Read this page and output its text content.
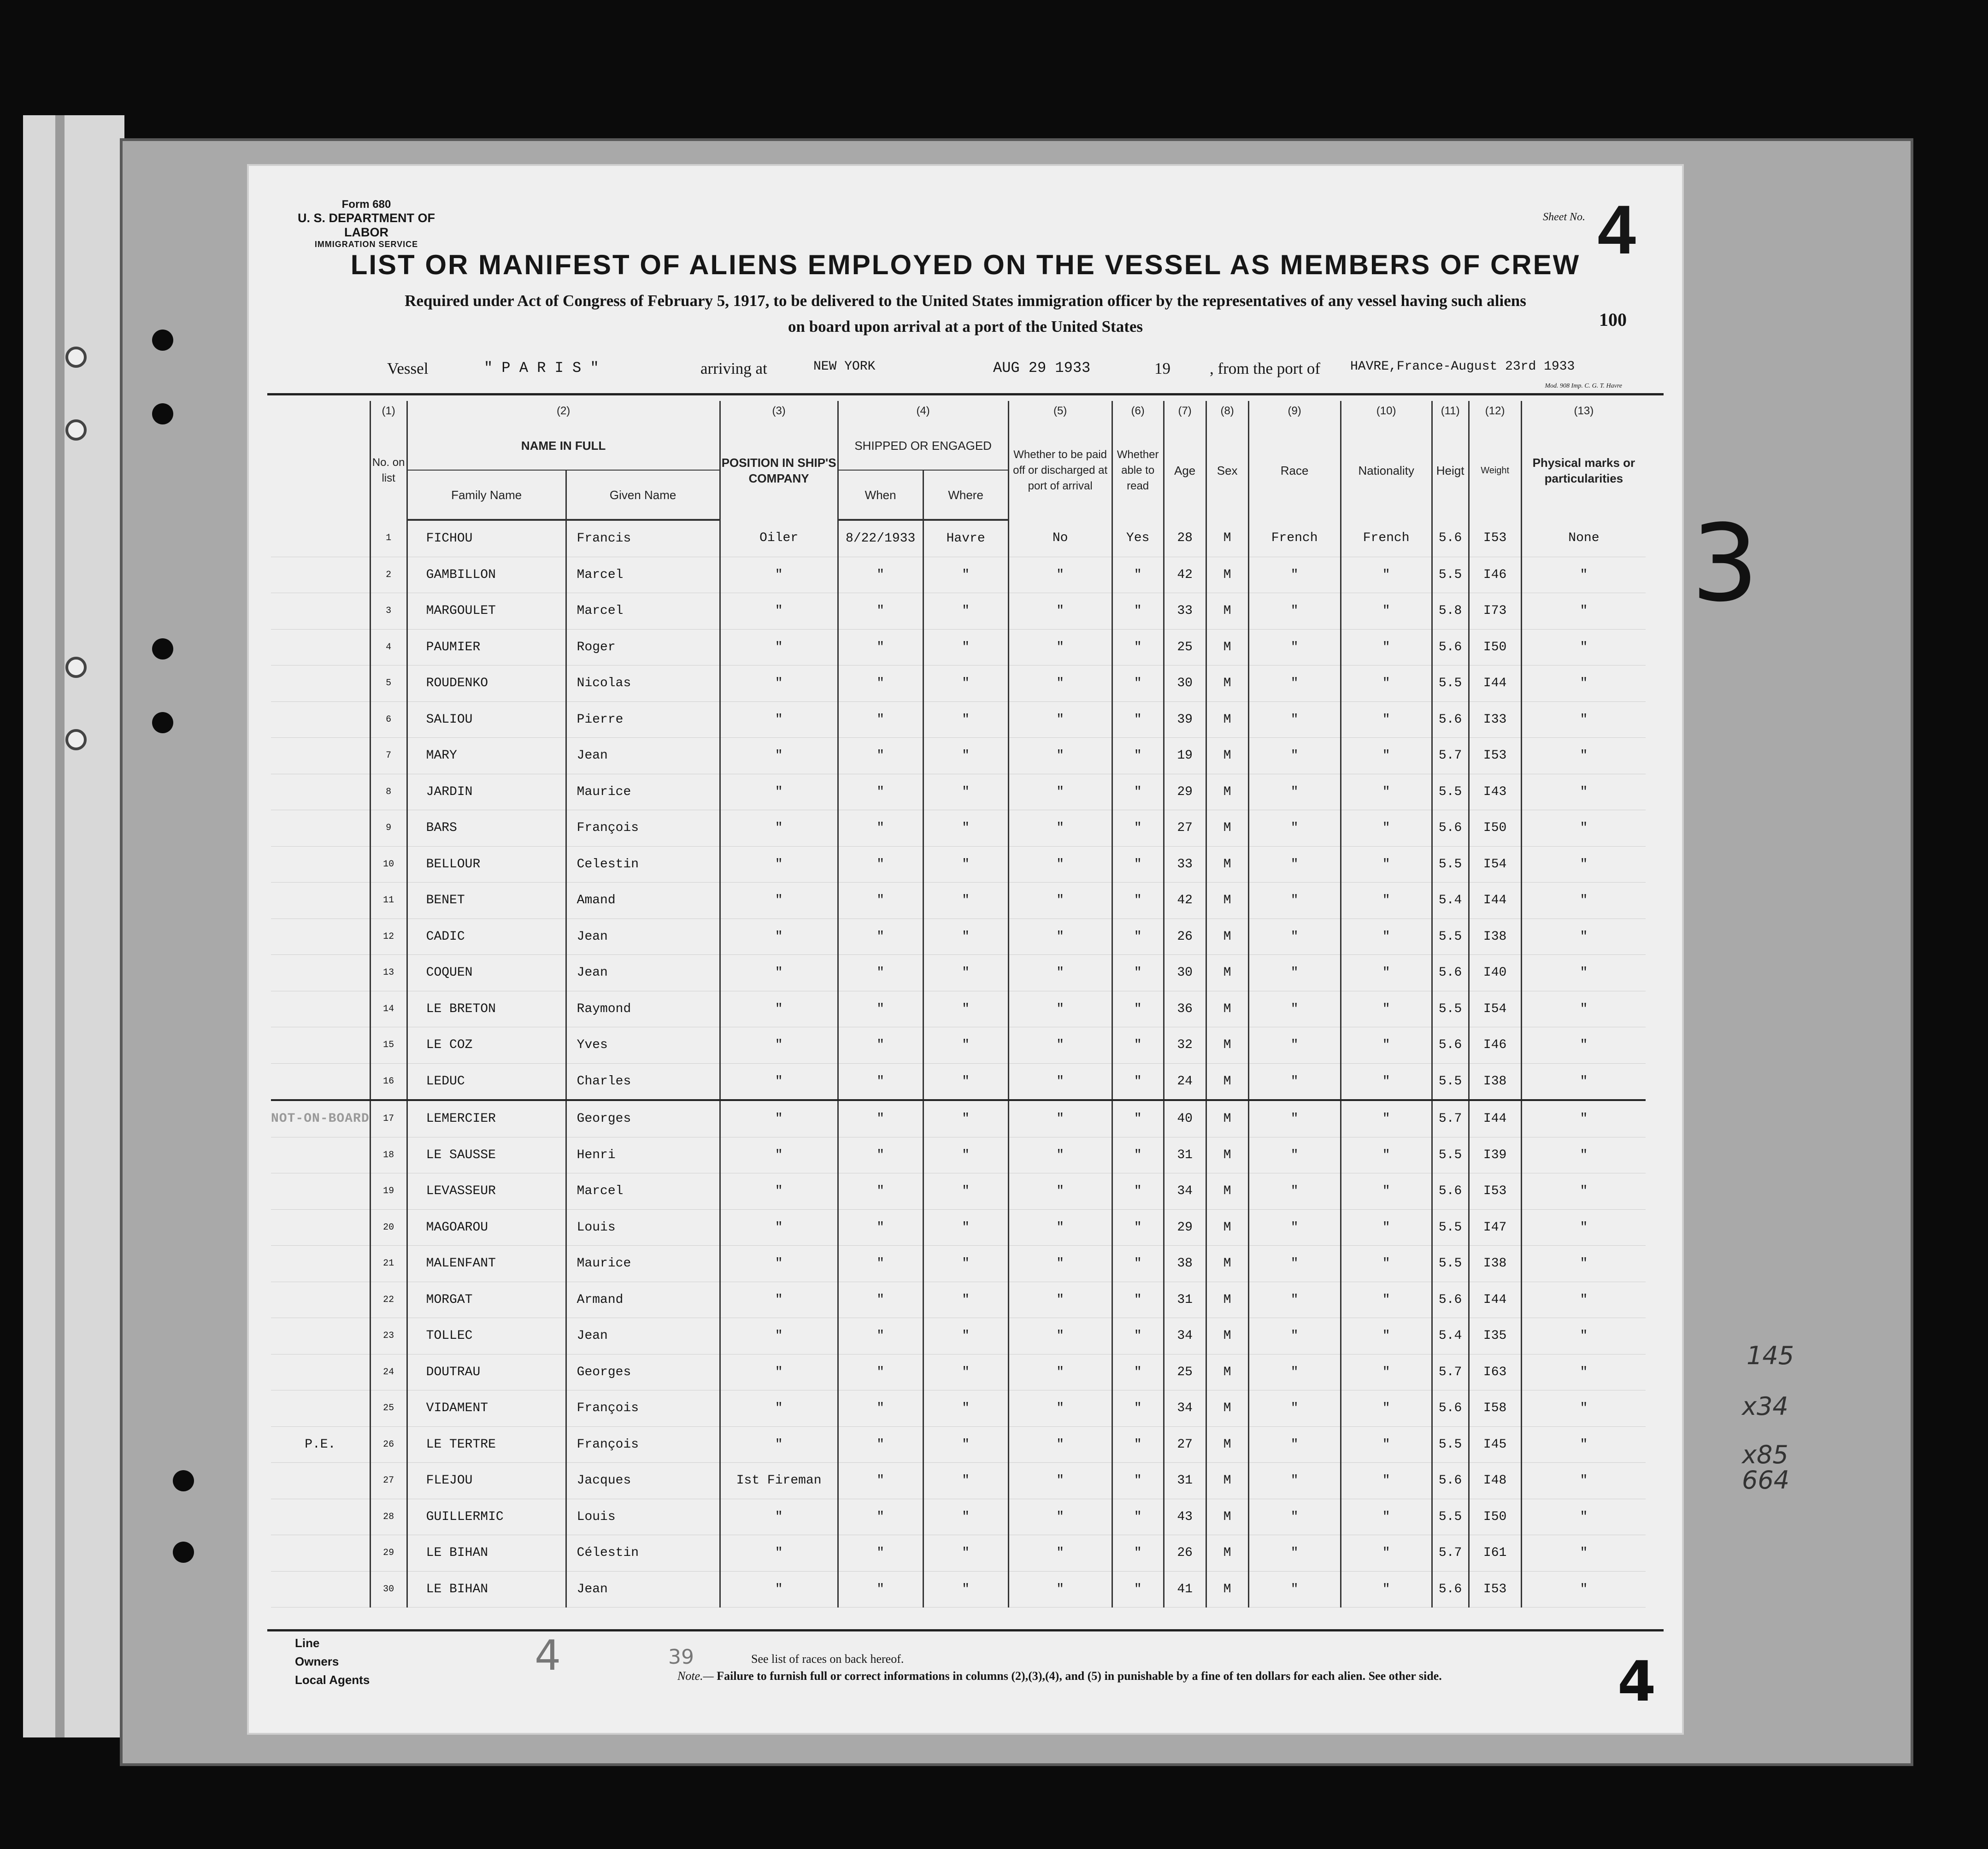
3
145
x34
x85
664
Form 680
U. S. DEPARTMENT OF LABOR
IMMIGRATION SERVICE
Sheet No. 4
LIST OR MANIFEST OF ALIENS EMPLOYED ON THE VESSEL AS MEMBERS OF CREW
Required under Act of Congress of February 5, 1917, to be delivered to the United States immigration officer by the representatives of any vessel having such aliens
on board upon arrival at a port of the United States	100
Vessel	" P A R I S "	arriving at	NEW YORK	AUG 29 1933	19 , from the port of HAVRE,France-August 23rd 1933
Mod. 908 Imp. C. G. T. Havre
	(1)	(2)		(3)	(4)		(5)	(6)	(7)	(8)	(9)	(10)	(11)	(12)	(13)
	No. on list	NAME IN FULL		POSITION IN SHIP'S COMPANY	SHIPPED OR ENGAGED		Whether to be paid off or discharged at port of arrival	Whether able to read	Age	Sex	Race	Nationality	Heigt	Weight	Physical marks or particularities
		Family Name	Given Name		When	Where									
	1	FICHOU	Francis	Oiler	8/22/1933	Havre	No	Yes	28	M	French	French	5.6	I53	None
	2	GAMBILLON	Marcel	"	"	"	"	"	42	M	"	"	5.5	I46	"
	3	MARGOULET	Marcel	"	"	"	"	"	33	M	"	"	5.8	I73	"
	4	PAUMIER	Roger	"	"	"	"	"	25	M	"	"	5.6	I50	"
	5	ROUDENKO	Nicolas	"	"	"	"	"	30	M	"	"	5.5	I44	"
	6	SALIOU	Pierre	"	"	"	"	"	39	M	"	"	5.6	I33	"
	7	MARY	Jean	"	"	"	"	"	19	M	"	"	5.7	I53	"
	8	JARDIN	Maurice	"	"	"	"	"	29	M	"	"	5.5	I43	"
	9	BARS	François	"	"	"	"	"	27	M	"	"	5.6	I50	"
	10	BELLOUR	Celestin	"	"	"	"	"	33	M	"	"	5.5	I54	"
	11	BENET	Amand	"	"	"	"	"	42	M	"	"	5.4	I44	"
	12	CADIC	Jean	"	"	"	"	"	26	M	"	"	5.5	I38	"
	13	COQUEN	Jean	"	"	"	"	"	30	M	"	"	5.6	I40	"
	14	LE BRETON	Raymond	"	"	"	"	"	36	M	"	"	5.5	I54	"
	15	LE COZ	Yves	"	"	"	"	"	32	M	"	"	5.6	I46	"
	16	LEDUC	Charles	"	"	"	"	"	24	M	"	"	5.5	I38	"
NOT-ON-BOARD	17	LEMERCIER	Georges	"	"	"	"	"	40	M	"	"	5.7	I44	"
	18	LE SAUSSE	Henri	"	"	"	"	"	31	M	"	"	5.5	I39	"
	19	LEVASSEUR	Marcel	"	"	"	"	"	34	M	"	"	5.6	I53	"
	20	MAGOAROU	Louis	"	"	"	"	"	29	M	"	"	5.5	I47	"
	21	MALENFANT	Maurice	"	"	"	"	"	38	M	"	"	5.5	I38	"
	22	MORGAT	Armand	"	"	"	"	"	31	M	"	"	5.6	I44	"
	23	TOLLEC	Jean	"	"	"	"	"	34	M	"	"	5.4	I35	"
	24	DOUTRAU	Georges	"	"	"	"	"	25	M	"	"	5.7	I63	"
	25	VIDAMENT	François	"	"	"	"	"	34	M	"	"	5.6	I58	"
P.E.	26	LE TERTRE	François	"	"	"	"	"	27	M	"	"	5.5	I45	"
	27	FLEJOU	Jacques	Ist Fireman	"	"	"	"	31	M	"	"	5.6	I48	"
	28	GUILLERMIC	Louis	"	"	"	"	"	43	M	"	"	5.5	I50	"
	29	LE BIHAN	Célestin	"	"	"	"	"	26	M	"	"	5.7	I61	"
	30	LE BIHAN	Jean	"	"	"	"	"	41	M	"	"	5.6	I53	"
Line
Owners
Local Agents
See list of races on back hereof.
Note.— Failure to furnish full or correct informations in columns (2),(3),(4), and (5) in punishable by a fine of ten dollars for each alien. See other side.
4	39	4
